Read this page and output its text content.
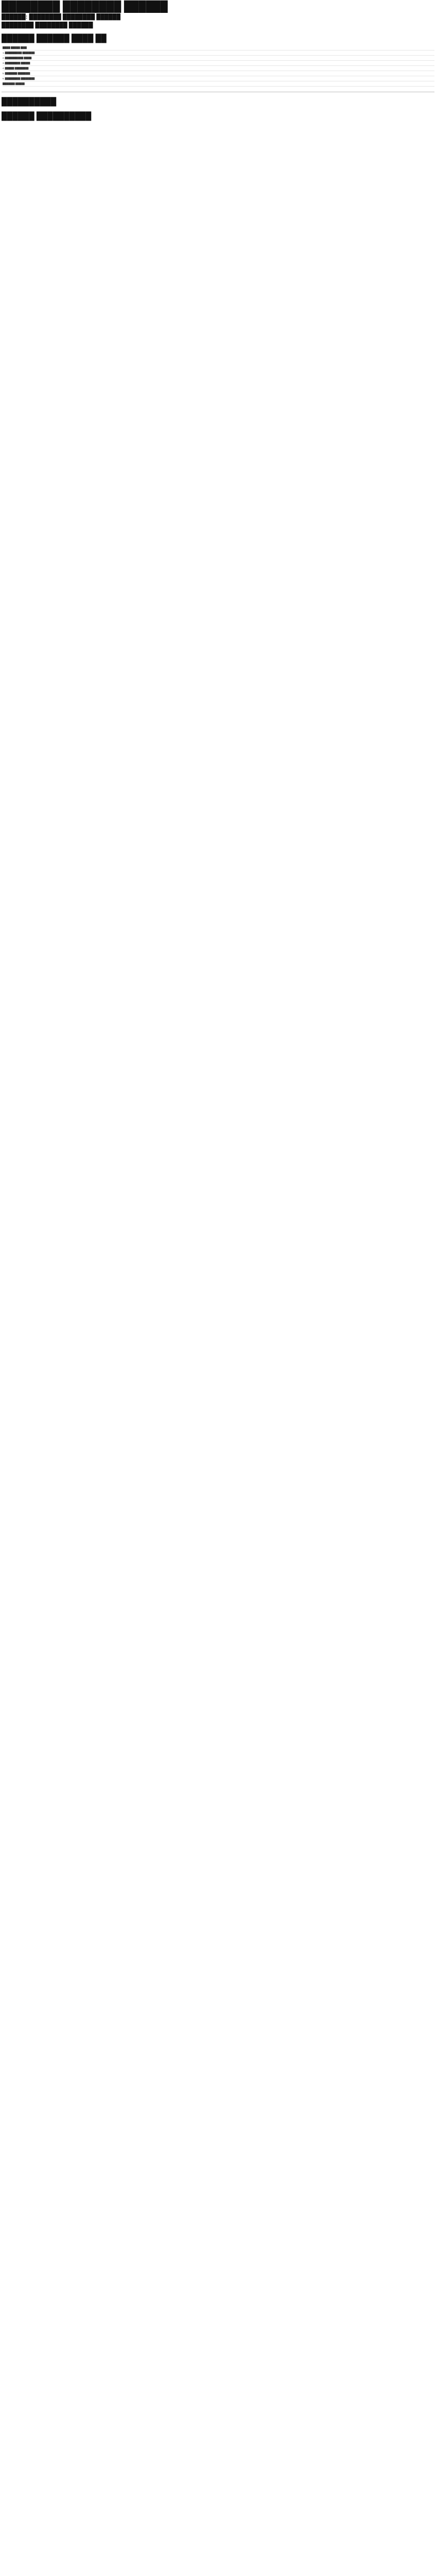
████████ ████████ ██████
██████: ████████ ████████ ██████
████████ ████████ ██████

██████ ██████ ████ ██
█████ ██████ ████
1. ███████████ ████████
2. ████████████ █████
3. ██████████ ██████
4. ██████ █████████
5. ████████ ████████
6. ██████████ █████████
████████ ██████

██████████

██████ ██████████
